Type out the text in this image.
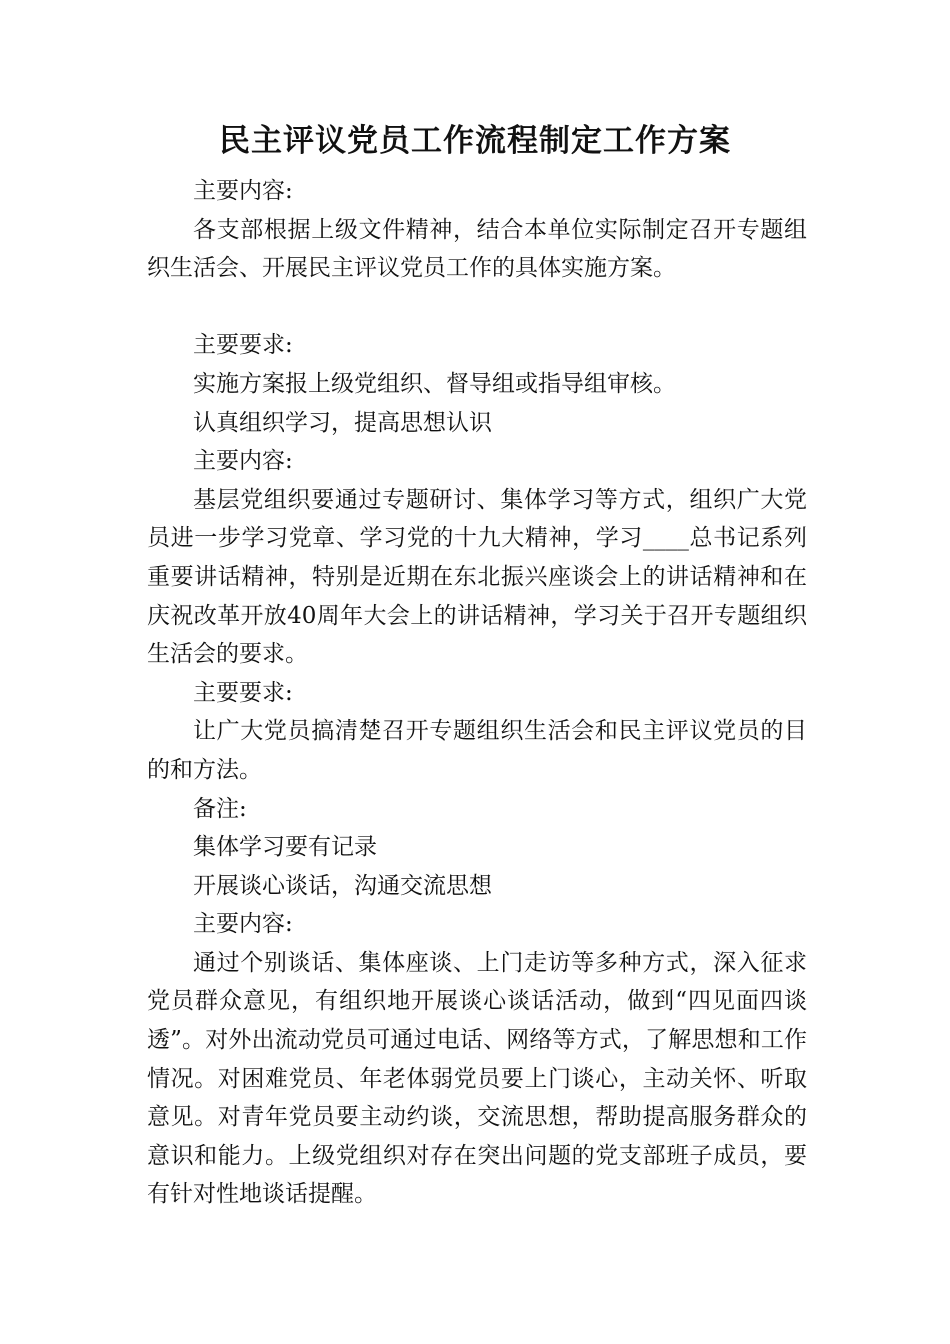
民主评议党员工作流程制定工作方案

主要内容:

各支部根据上级文件精神，结合本单位实际制定召开专题组织生活会、开展民主评议党员工作的具体实施方案。

主要要求:

实施方案报上级党组织、督导组或指导组审核。

认真组织学习，提高思想认识

主要内容:

基层党组织要通过专题研讨、集体学习等方式，组织广大党员进一步学习党章、学习党的十九大精神，学习____总书记系列重要讲话精神，特别是近期在东北振兴座谈会上的讲话精神和在庆祝改革开放40周年大会上的讲话精神，学习关于召开专题组织生活会的要求。

主要要求:

让广大党员搞清楚召开专题组织生活会和民主评议党员的目的和方法。

备注:

集体学习要有记录

开展谈心谈话，沟通交流思想

主要内容:

通过个别谈话、集体座谈、上门走访等多种方式，深入征求党员群众意见，有组织地开展谈心谈话活动，做到“四见面四谈透”。对外出流动党员可通过电话、网络等方式，了解思想和工作情况。对困难党员、年老体弱党员要上门谈心，主动关怀、听取意见。对青年党员要主动约谈，交流思想，帮助提高服务群众的意识和能力。上级党组织对存在突出问题的党支部班子成员，要有针对性地谈话提醒。
